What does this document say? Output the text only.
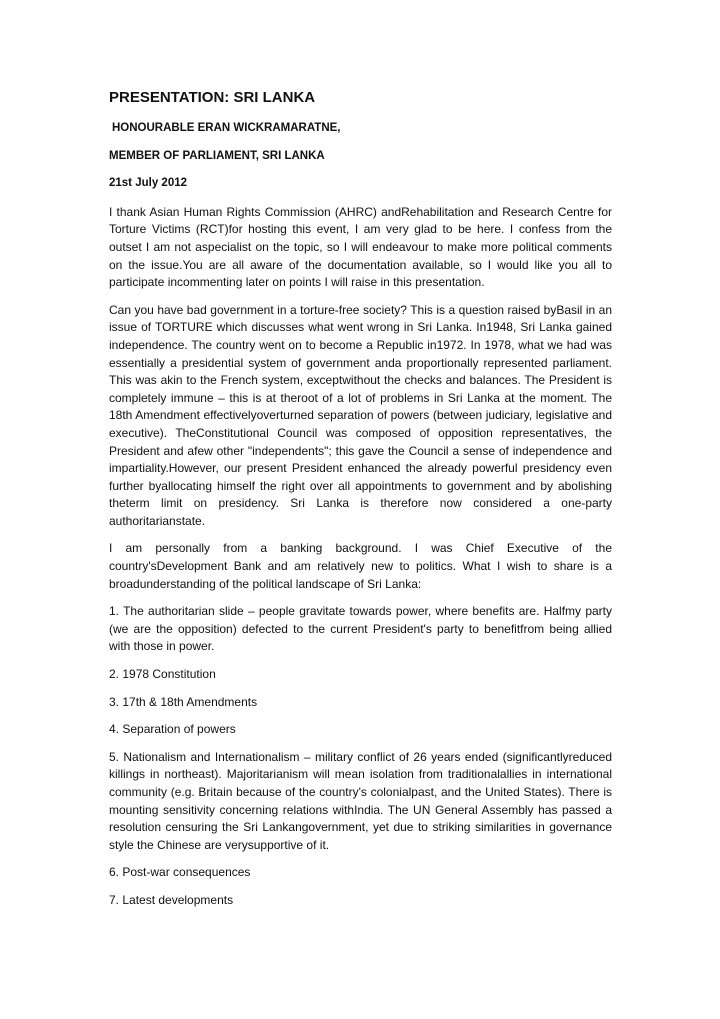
PRESENTATION: SRI LANKA
HONOURABLE ERAN WICKRAMARATNE,
MEMBER OF PARLIAMENT, SRI LANKA
21st July 2012

I thank Asian Human Rights Commission (AHRC) andRehabilitation and Research Centre for Torture Victims (RCT)for hosting this event, I am very glad to be here. I confess from the outset I am not aspecialist on the topic, so I will endeavour to make more political comments on the issue.You are all aware of the documentation available, so I would like you all to participate incommenting later on points I will raise in this presentation.

Can you have bad government in a torture-free society? This is a question raised byBasil in an issue of TORTURE which discusses what went wrong in Sri Lanka. In1948, Sri Lanka gained independence. The country went on to become a Republic in1972. In 1978, what we had was essentially a presidential system of government anda proportionally represented parliament. This was akin to the French system, exceptwithout the checks and balances. The President is completely immune – this is at theroot of a lot of problems in Sri Lanka at the moment. The 18th Amendment effectivelyoverturned separation of powers (between judiciary, legislative and executive). TheConstitutional Council was composed of opposition representatives, the President and afew other "independents"; this gave the Council a sense of independence and impartiality.However, our present President enhanced the already powerful presidency even further byallocating himself the right over all appointments to government and by abolishing theterm limit on presidency. Sri Lanka is therefore now considered a one-party authoritarianstate.

I am personally from a banking background. I was Chief Executive of the country'sDevelopment Bank and am relatively new to politics. What I wish to share is a broadunderstanding of the political landscape of Sri Lanka:

1. The authoritarian slide – people gravitate towards power, where benefits are. Halfmy party (we are the opposition) defected to the current President's party to benefitfrom being allied with those in power.

2. 1978 Constitution

3. 17th & 18th Amendments

4. Separation of powers

5. Nationalism and Internationalism – military conflict of 26 years ended (significantlyreduced killings in northeast). Majoritarianism will mean isolation from traditionalallies in international community (e.g. Britain because of the country's colonialpast, and the United States). There is mounting sensitivity concerning relations withIndia. The UN General Assembly has passed a resolution censuring the Sri Lankangovernment, yet due to striking similarities in governance style the Chinese are verysupportive of it.

6. Post-war consequences

7. Latest developments
